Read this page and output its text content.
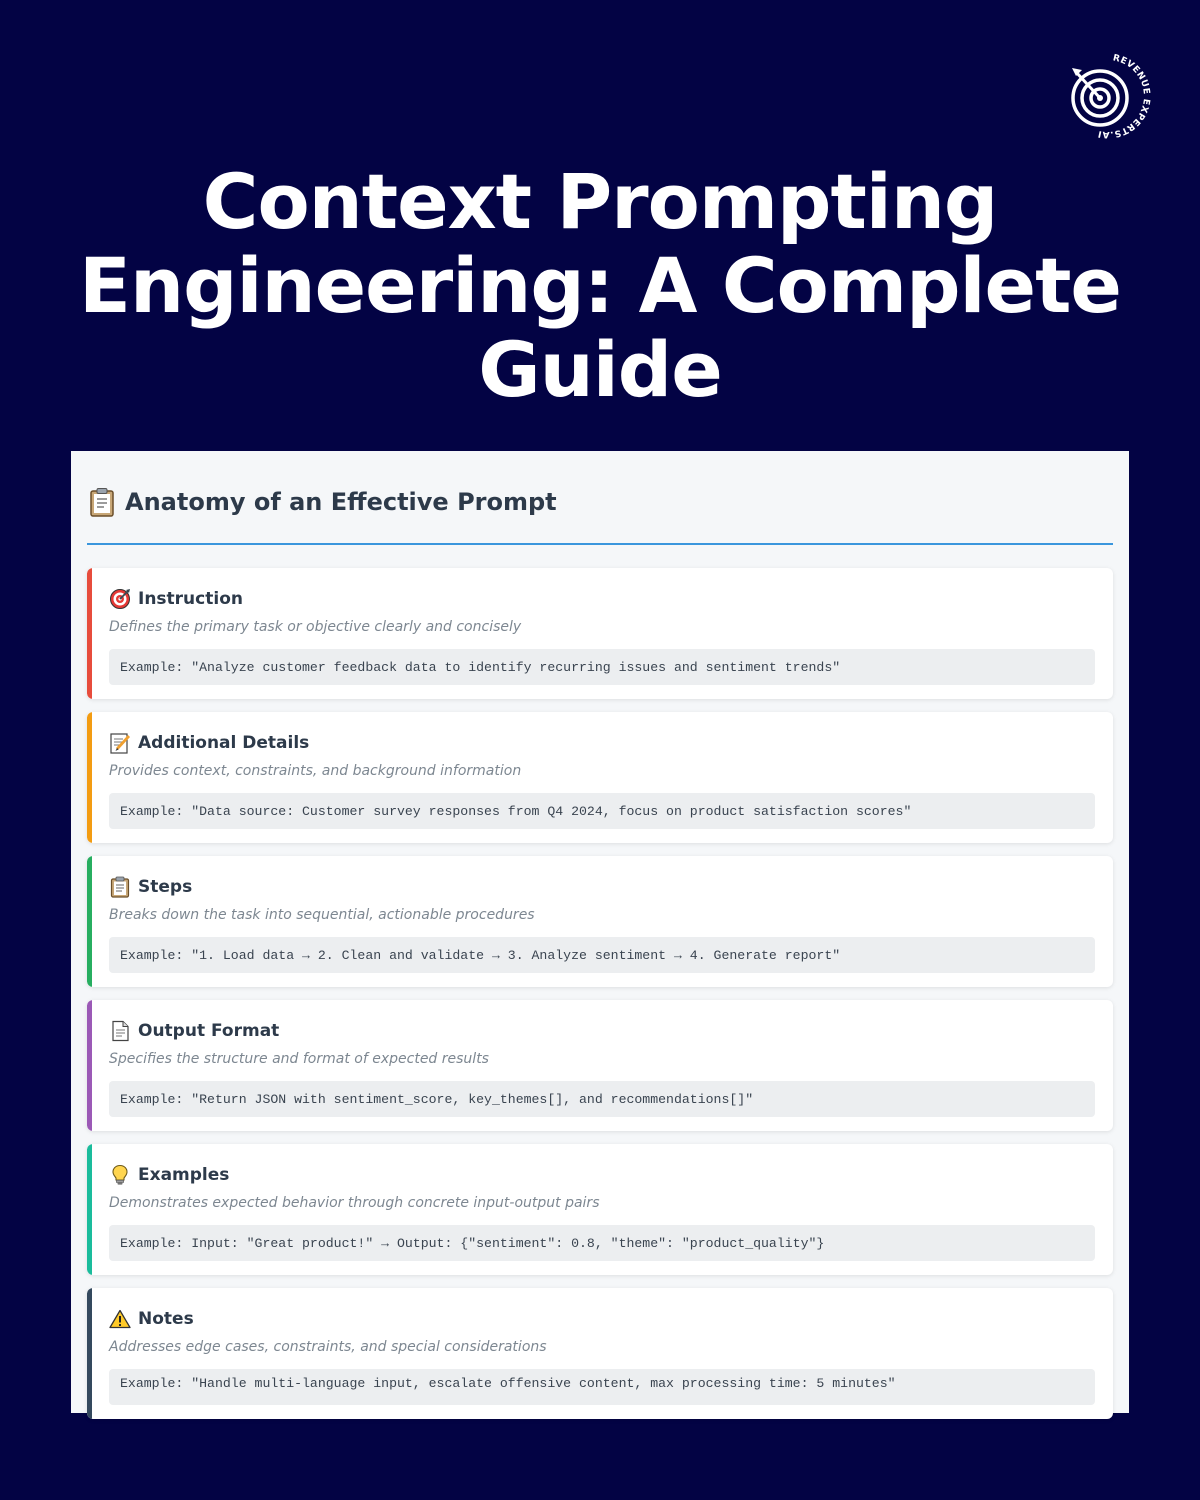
REVENUE EXPERTS.AI
Context Prompting Engineering: A Complete Guide
Anatomy of an Effective Prompt
Instruction
Defines the primary task or objective clearly and concisely
Example: "Analyze customer feedback data to identify recurring issues and sentiment trends"
Additional Details
Provides context, constraints, and background information
Example: "Data source: Customer survey responses from Q4 2024, focus on product satisfaction scores"
Steps
Breaks down the task into sequential, actionable procedures
Example: "1. Load data → 2. Clean and validate → 3. Analyze sentiment → 4. Generate report"
Output Format
Specifies the structure and format of expected results
Example: "Return JSON with sentiment_score, key_themes[], and recommendations[]"
Examples
Demonstrates expected behavior through concrete input-output pairs
Example: Input: "Great product!" → Output: {"sentiment": 0.8, "theme": "product_quality"}
Notes
Addresses edge cases, constraints, and special considerations
Example: "Handle multi-language input, escalate offensive content, max processing time: 5 minutes"
